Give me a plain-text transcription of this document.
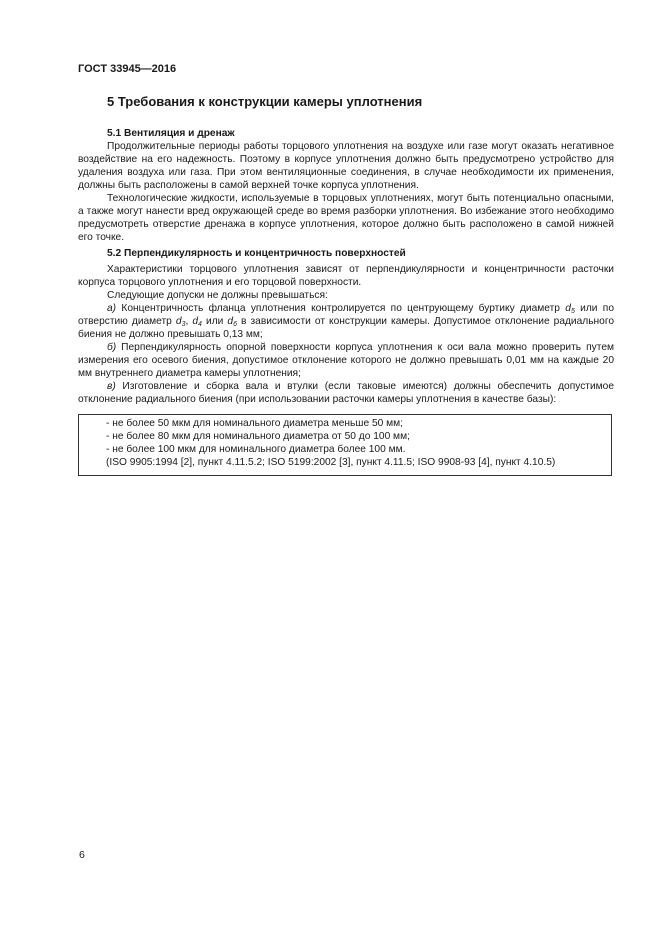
ГОСТ 33945—2016
5 Требования к конструкции камеры уплотнения
5.1 Вентиляция и дренаж

Продолжительные периоды работы торцового уплотнения на воздухе или газе могут оказать негативное воздействие на его надежность. Поэтому в корпусе уплотнения должно быть предусмотрено устройство для удаления воздуха или газа. При этом вентиляционные соединения, в случае необходимости их применения, должны быть расположены в самой верхней точке корпуса уплотнения.

Технологические жидкости, используемые в торцовых уплотнениях, могут быть потенциально опасными, а также могут нанести вред окружающей среде во время разборки уплотнения. Во избежание этого необходимо предусмотреть отверстие дренажа в корпусе уплотнения, которое должно быть расположено в самой нижней его точке.

5.2 Перпендикулярность и концентричность поверхностей

Характеристики торцового уплотнения зависят от перпендикулярности и концентричности расточки корпуса торцового уплотнения и его торцовой поверхности.

Следующие допуски не должны превышаться:

а) Концентричность фланца уплотнения контролируется по центрующему буртику диаметр $d_5$ или по отверстию диаметр $d_3$, $d_4$ или $d_6$ в зависимости от конструкции камеры. Допустимое отклонение радиального биения не должно превышать 0,13 мм;

б) Перпендикулярность опорной поверхности корпуса уплотнения к оси вала можно проверить путем измерения его осевого биения, допустимое отклонение которого не должно превышать 0,01 мм на каждые 20 мм внутреннего диаметра камеры уплотнения;

в) Изготовление и сборка вала и втулки (если таковые имеются) должны обеспечить допустимое отклонение радиального биения (при использовании расточки камеры уплотнения в качестве базы):

- не более 50 мкм для номинального диаметра меньше 50 мм;
- не более 80 мкм для номинального диаметра от 50 до 100 мм;
- не более 100 мкм для номинального диаметра более 100 мм.
(ISO 9905:1994 [2], пункт 4.11.5.2; ISO 5199:2002 [3], пункт 4.11.5; ISO 9908-93 [4], пункт 4.10.5)
6
